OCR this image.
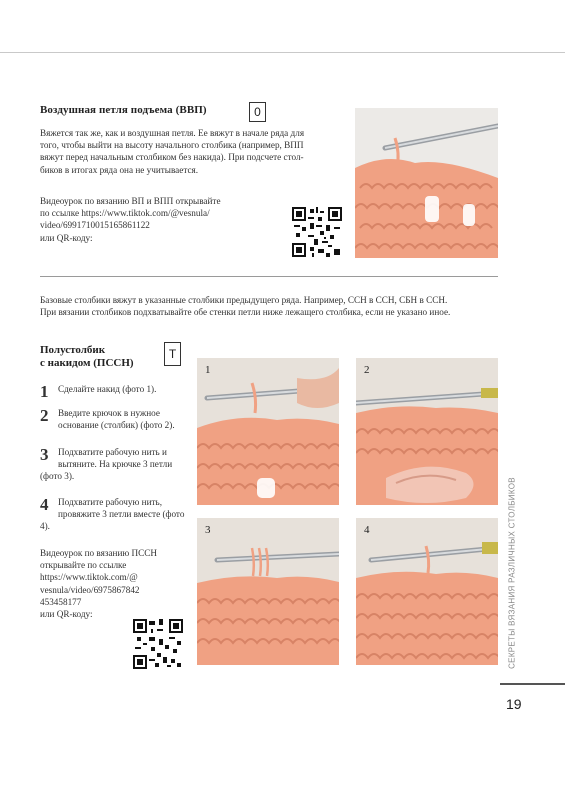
Воздушная петля подъема (ВВП)	0

Вяжется так же, как и воздушная петля. Ее вяжут в начале ряда для
того, чтобы выйти на высоту начального столбика (например, ВПП
вяжут перед начальным столбиком без накида). При подсчете стол-
биков в итогах ряда она не учитывается.

Видеоурок по вязанию ВП и ВПП открывайте
по ссылке https://www.tiktok.com/@vesnula/
video/6991710015165861122
или QR-коду:

Базовые столбики вяжут в указанные столбики предыдущего ряда. Например, ССН в ССН, СБН в ССН.
При вязании столбиков подхватывайте обе стенки петли ниже лежащего столбика, если не указано иное.

Полустолбик
с накидом (ПССН)
T
1	Сделайте накид (фото 1).
2	Введите крючок в нужное основание (столбик) (фото 2).
3	Подхватите рабочую нить и вытяните. На крючке 3 петли (фото 3).
4	Подхватите рабочую нить, провяжите 3 петли вместе (фото 4).

Видеоурок по вязанию ПССН
открывайте по ссылке
https://www.tiktok.com/@
vesnula/video/6975867842
453458177
или QR-коду:

1	2
3	4	СЕКРЕТЫ ВЯЗАНИЯ РАЗЛИЧНЫХ СТОЛБИКОВ
19
